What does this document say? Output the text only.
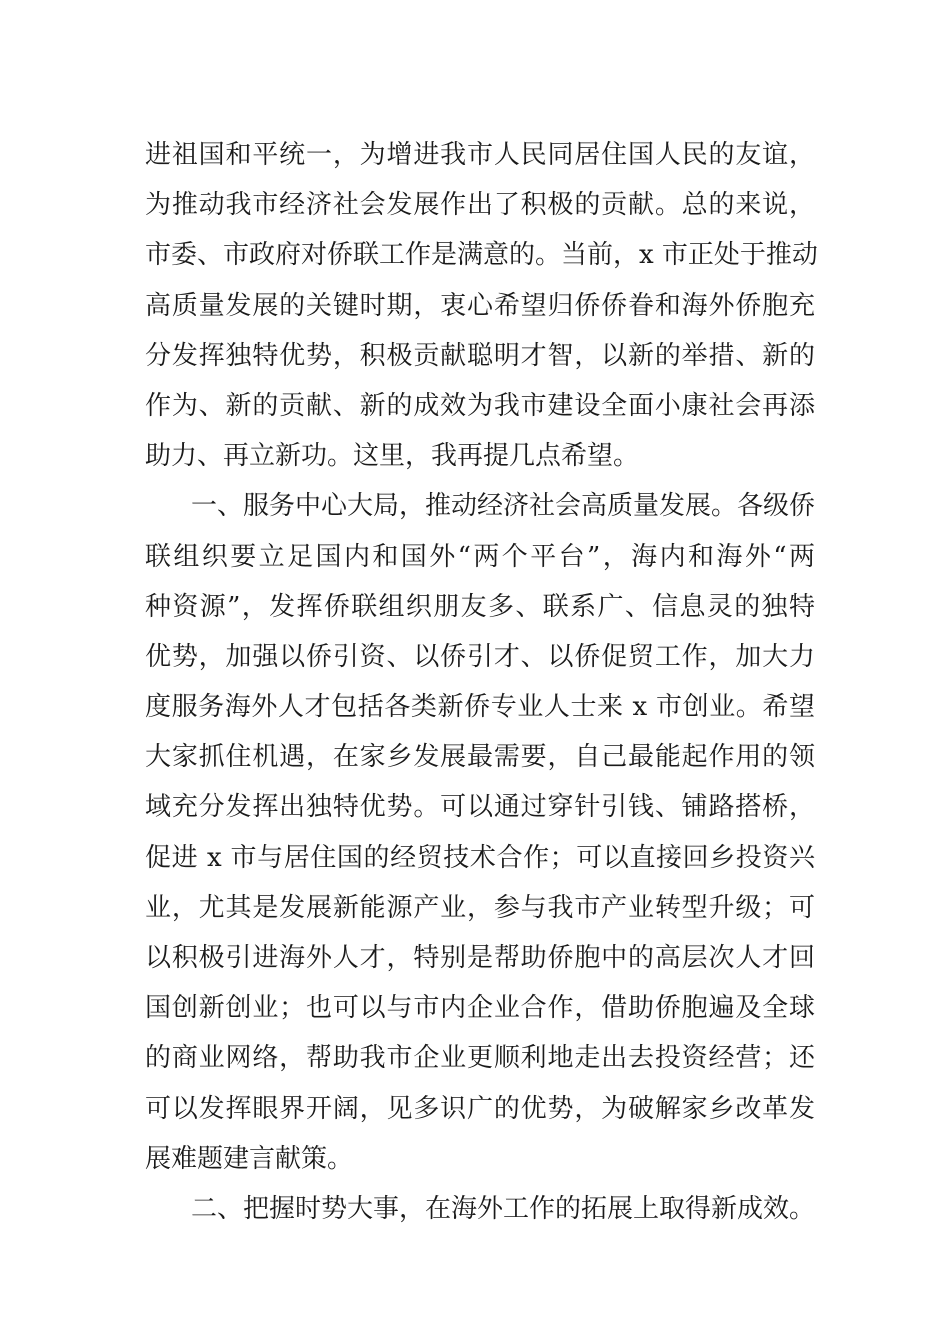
进祖国和平统一，为增进我市人民同居住国人民的友谊，
为推动我市经济社会发展作出了积极的贡献。总的来说，
市委、市政府对侨联工作是满意的。当前，x 市正处于推动
高质量发展的关键时期，衷心希望归侨侨眷和海外侨胞充
分发挥独特优势，积极贡献聪明才智，以新的举措、新的
作为、新的贡献、新的成效为我市建设全面小康社会再添
助力、再立新功。这里，我再提几点希望。
一、服务中心大局，推动经济社会高质量发展。各级侨
联组织要立足国内和国外“两个平台”，海内和海外“两
种资源”，发挥侨联组织朋友多、联系广、信息灵的独特
优势，加强以侨引资、以侨引才、以侨促贸工作，加大力
度服务海外人才包括各类新侨专业人士来 x 市创业。希望
大家抓住机遇，在家乡发展最需要，自己最能起作用的领
域充分发挥出独特优势。可以通过穿针引钱、铺路搭桥，
促进 x 市与居住国的经贸技术合作；可以直接回乡投资兴
业，尤其是发展新能源产业，参与我市产业转型升级；可
以积极引进海外人才，特别是帮助侨胞中的高层次人才回
国创新创业；也可以与市内企业合作，借助侨胞遍及全球
的商业网络，帮助我市企业更顺利地走出去投资经营；还
可以发挥眼界开阔，见多识广的优势，为破解家乡改革发
展难题建言献策。
二、把握时势大事，在海外工作的拓展上取得新成效。
